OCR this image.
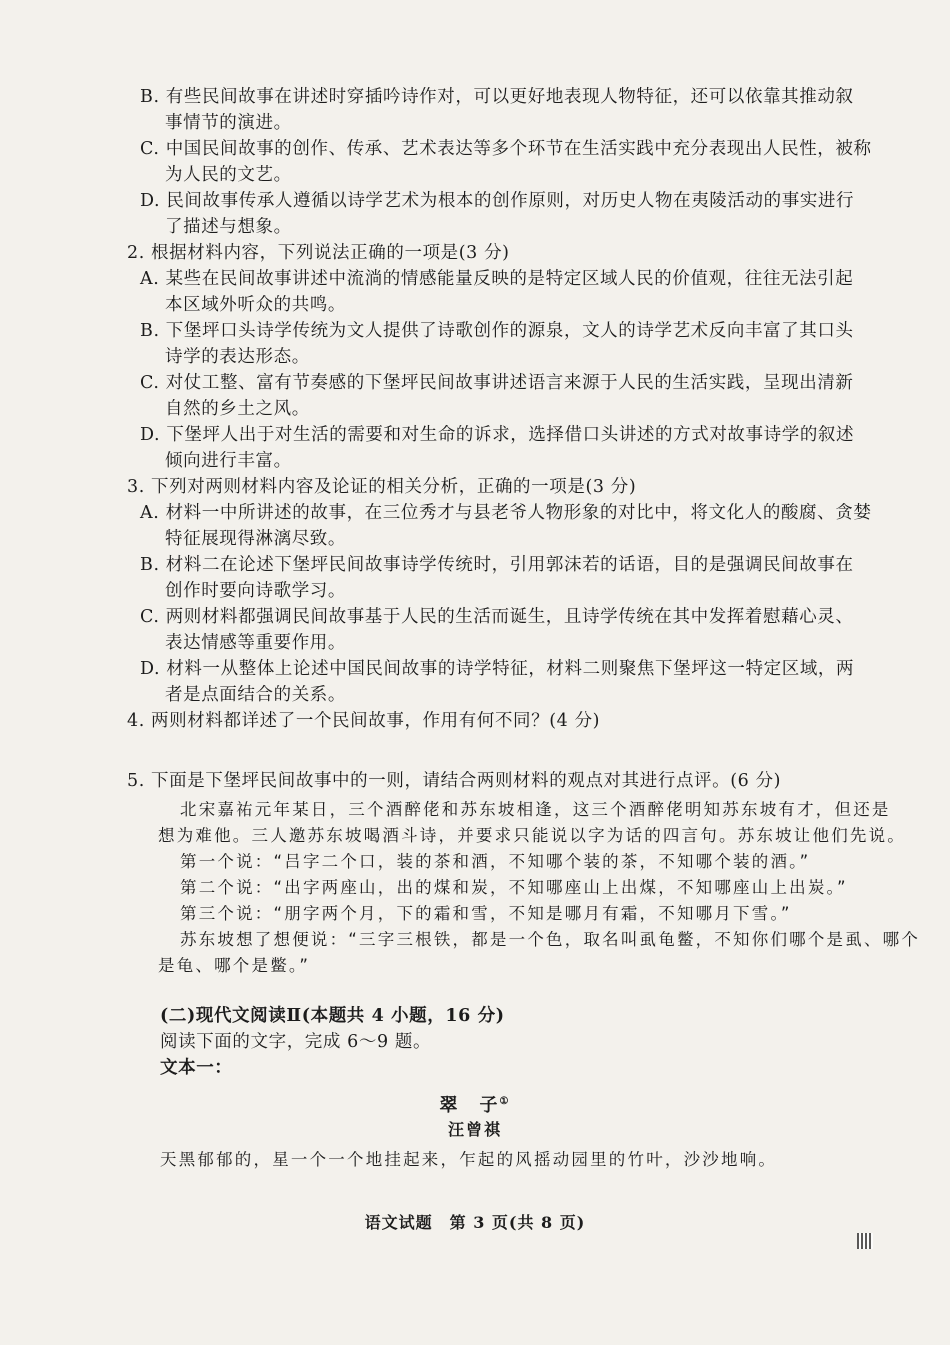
B. 有些民间故事在讲述时穿插吟诗作对，可以更好地表现人物特征，还可以依靠其推动叙
事情节的演进。
C. 中国民间故事的创作、传承、艺术表达等多个环节在生活实践中充分表现出人民性，被称
为人民的文艺。
D. 民间故事传承人遵循以诗学艺术为根本的创作原则，对历史人物在夷陵活动的事实进行
了描述与想象。
2. 根据材料内容，下列说法正确的一项是(3 分)
A. 某些在民间故事讲述中流淌的情感能量反映的是特定区域人民的价值观，往往无法引起
本区域外听众的共鸣。
B. 下堡坪口头诗学传统为文人提供了诗歌创作的源泉，文人的诗学艺术反向丰富了其口头
诗学的表达形态。
C. 对仗工整、富有节奏感的下堡坪民间故事讲述语言来源于人民的生活实践，呈现出清新
自然的乡土之风。
D. 下堡坪人出于对生活的需要和对生命的诉求，选择借口头讲述的方式对故事诗学的叙述
倾向进行丰富。
3. 下列对两则材料内容及论证的相关分析，正确的一项是(3 分)
A. 材料一中所讲述的故事，在三位秀才与县老爷人物形象的对比中，将文化人的酸腐、贪婪
特征展现得淋漓尽致。
B. 材料二在论述下堡坪民间故事诗学传统时，引用郭沫若的话语，目的是强调民间故事在
创作时要向诗歌学习。
C. 两则材料都强调民间故事基于人民的生活而诞生，且诗学传统在其中发挥着慰藉心灵、
表达情感等重要作用。
D. 材料一从整体上论述中国民间故事的诗学特征，材料二则聚焦下堡坪这一特定区域，两
者是点面结合的关系。
4. 两则材料都详述了一个民间故事，作用有何不同？(4 分)
5. 下面是下堡坪民间故事中的一则，请结合两则材料的观点对其进行点评。(6 分)
北宋嘉祐元年某日，三个酒醉佬和苏东坡相逢，这三个酒醉佬明知苏东坡有才，但还是
想为难他。三人邀苏东坡喝酒斗诗，并要求只能说以字为话的四言句。苏东坡让他们先说。
第一个说：“吕字二个口，装的茶和酒，不知哪个装的茶，不知哪个装的酒。”
第二个说：“出字两座山，出的煤和炭，不知哪座山上出煤，不知哪座山上出炭。”
第三个说：“朋字两个月，下的霜和雪，不知是哪月有霜，不知哪月下雪。”
苏东坡想了想便说：“三字三根铁，都是一个色，取名叫虱龟鳖，不知你们哪个是虱、哪个
是龟、哪个是鳖。”
(二)现代文阅读Ⅱ(本题共 4 小题，16 分)
阅读下面的文字，完成 6～9 题。
文本一：
天黑郁郁的，星一个一个地挂起来，乍起的风摇动园里的竹叶，沙沙地响。
翠　子①
汪曾祺
语文试题　第 3 页(共 8 页)
